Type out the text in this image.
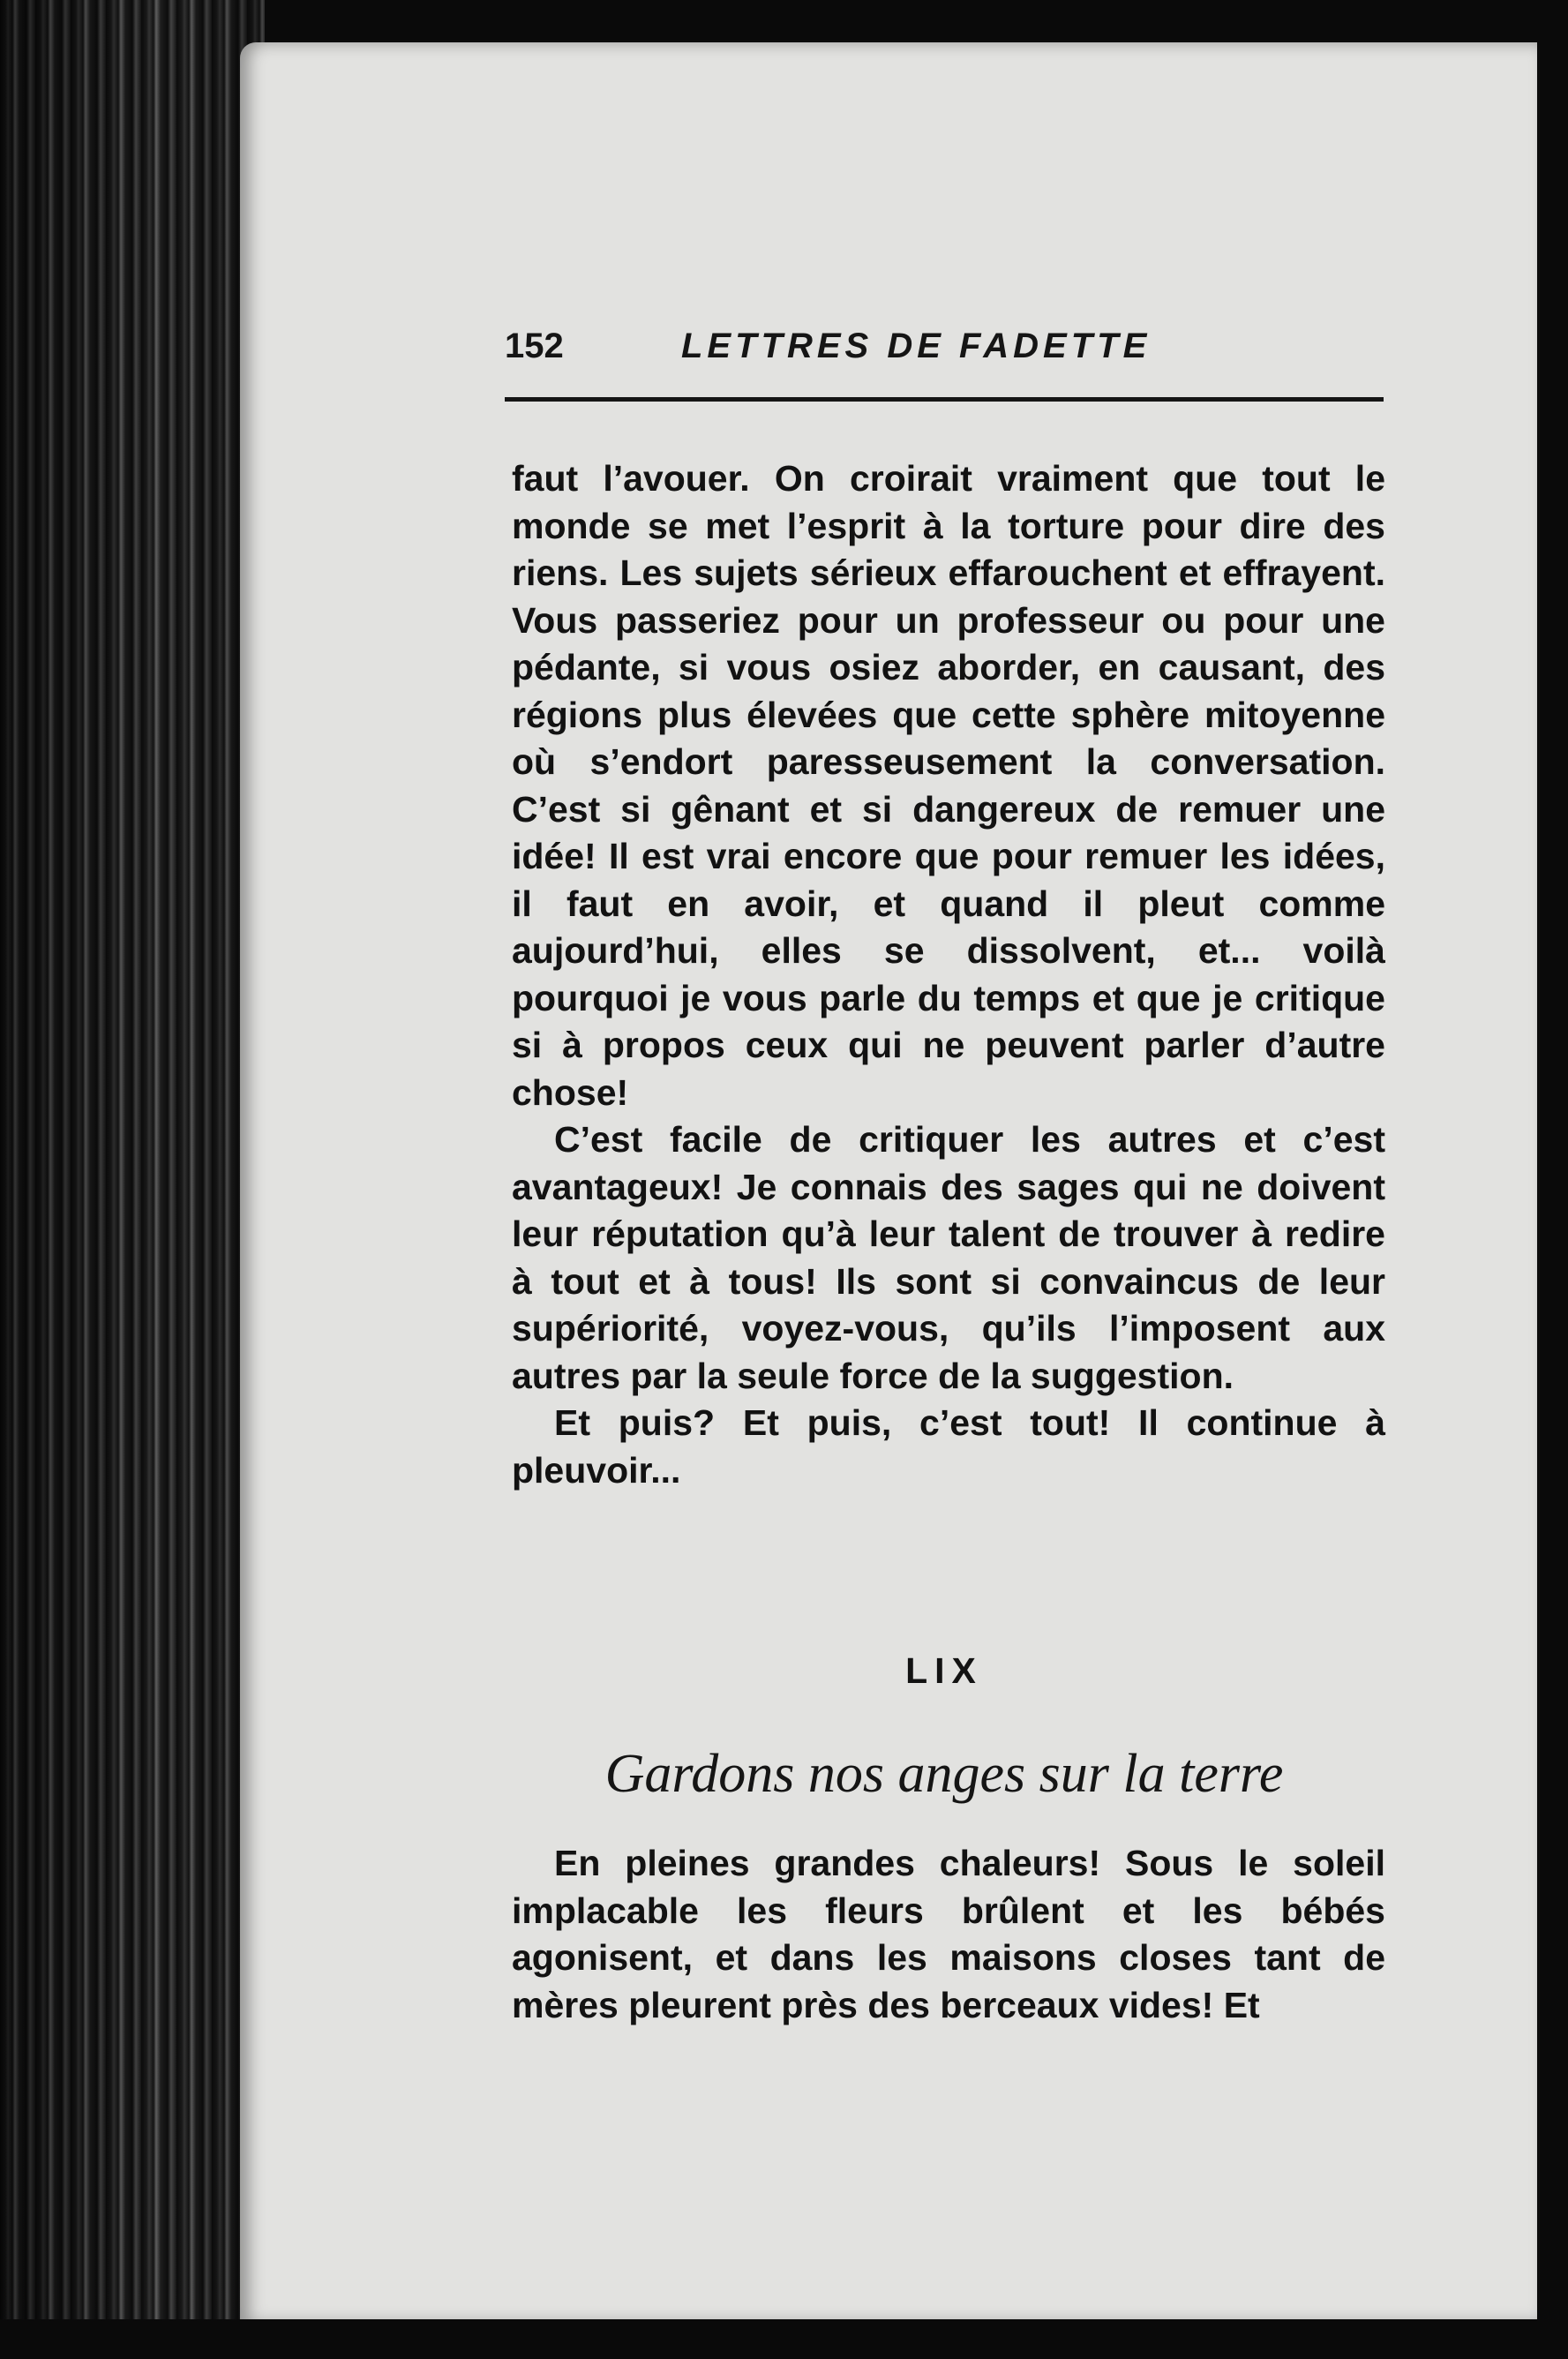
152	LETTRES DE FADETTE

faut l’avouer. On croirait vraiment que tout le monde se met l’esprit à la torture pour dire des riens. Les sujets sérieux effarouchent et effrayent. Vous passeriez pour un professeur ou pour une pédante, si vous osiez aborder, en causant, des régions plus élevées que cette sphère mitoyenne où s’endort paresseusement la conversation. C’est si gênant et si dangereux de remuer une idée! Il est vrai encore que pour remuer les idées, il faut en avoir, et quand il pleut comme aujourd’hui, elles se dissolvent, et... voilà pourquoi je vous parle du temps et que je critique si à propos ceux qui ne peuvent parler d’autre chose!

C’est facile de critiquer les autres et c’est avantageux! Je connais des sages qui ne doivent leur réputation qu’à leur talent de trouver à redire à tout et à tous! Ils sont si convaincus de leur supériorité, voyez-vous, qu’ils l’imposent aux autres par la seule force de la suggestion.

Et puis? Et puis, c’est tout! Il continue à pleuvoir...

LIX
Gardons nos anges sur la terre

En pleines grandes chaleurs! Sous le soleil implacable les fleurs brûlent et les bébés agonisent, et dans les maisons closes tant de mères pleurent près des berceaux vides! Et
